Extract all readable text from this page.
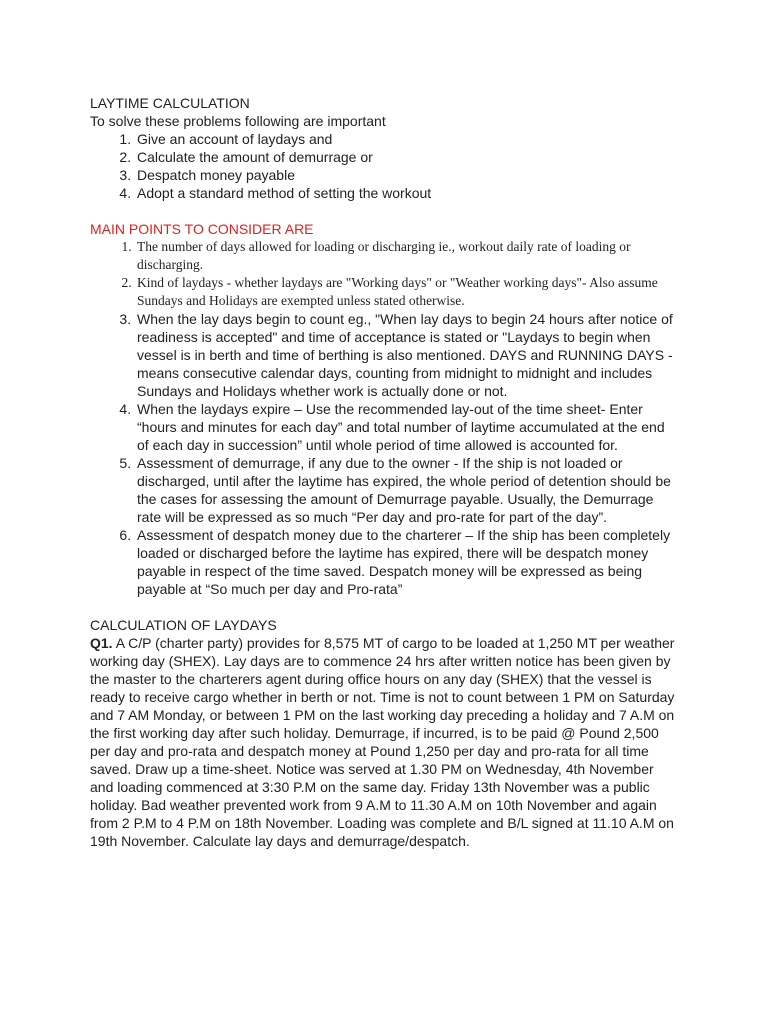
LAYTIME CALCULATION

To solve these problems following are important

1. Give an account of laydays and
2. Calculate the amount of demurrage or
3. Despatch money payable
4. Adopt a standard method of setting the workout

MAIN POINTS TO CONSIDER ARE

1. The number of days allowed for loading or discharging ie., workout daily rate of loading or discharging.
2. Kind of laydays - whether laydays are "Working days" or "Weather working days"- Also assume Sundays and Holidays are exempted unless stated otherwise.
3. When the lay days begin to count eg., "When lay days to begin 24 hours after notice of readiness is accepted" and time of acceptance is stated or "Laydays to begin when vessel is in berth and time of berthing is also mentioned. DAYS and RUNNING DAYS - means consecutive calendar days, counting from midnight to midnight and includes Sundays and Holidays whether work is actually done or not.
4. When the laydays expire – Use the recommended lay-out of the time sheet- Enter “hours and minutes for each day” and total number of laytime accumulated at the end of each day in succession” until whole period of time allowed is accounted for.
5. Assessment of demurrage, if any due to the owner - If the ship is not loaded or discharged, until after the laytime has expired, the whole period of detention should be the cases for assessing the amount of Demurrage payable. Usually, the Demurrage rate will be expressed as so much “Per day and pro-rate for part of the day”.
6. Assessment of despatch money due to the charterer – If the ship has been completely loaded or discharged before the laytime has expired, there will be despatch money payable in respect of the time saved. Despatch money will be expressed as being payable at “So much per day and Pro-rata”

CALCULATION OF LAYDAYS

Q1. A C/P (charter party) provides for 8,575 MT of cargo to be loaded at 1,250 MT per weather working day (SHEX). Lay days are to commence 24 hrs after written notice has been given by the master to the charterers agent during office hours on any day (SHEX) that the vessel is ready to receive cargo whether in berth or not. Time is not to count between 1 PM on Saturday and 7 AM Monday, or between 1 PM on the last working day preceding a holiday and 7 A.M on the first working day after such holiday. Demurrage, if incurred, is to be paid @ Pound 2,500 per day and pro-rata and despatch money at Pound 1,250 per day and pro-rata for all time saved. Draw up a time-sheet. Notice was served at 1.30 PM on Wednesday, 4th November and loading commenced at 3:30 P.M on the same day. Friday 13th November was a public holiday. Bad weather prevented work from 9 A.M to 11.30 A.M on 10th November and again from 2 P.M to 4 P.M on 18th November. Loading was complete and B/L signed at 11.10 A.M on 19th November. Calculate lay days and demurrage/despatch.
